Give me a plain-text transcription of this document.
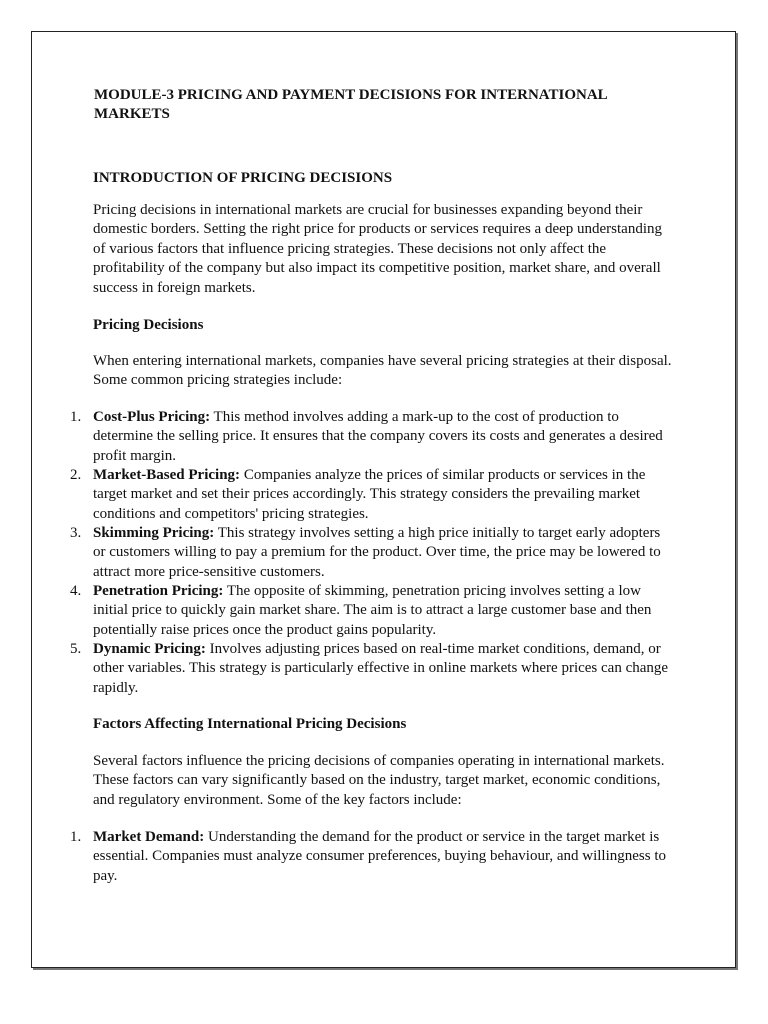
MODULE-3 PRICING AND PAYMENT DECISIONS FOR INTERNATIONAL MARKETS
INTRODUCTION OF PRICING DECISIONS

Pricing decisions in international markets are crucial for businesses expanding beyond their domestic borders. Setting the right price for products or services requires a deep understanding of various factors that influence pricing strategies. These decisions not only affect the profitability of the company but also impact its competitive position, market share, and overall success in foreign markets.

Pricing Decisions

When entering international markets, companies have several pricing strategies at their disposal. Some common pricing strategies include:

1. Cost-Plus Pricing: This method involves adding a mark-up to the cost of production to determine the selling price. It ensures that the company covers its costs and generates a desired profit margin.
2. Market-Based Pricing: Companies analyze the prices of similar products or services in the target market and set their prices accordingly. This strategy considers the prevailing market conditions and competitors' pricing strategies.
3. Skimming Pricing: This strategy involves setting a high price initially to target early adopters or customers willing to pay a premium for the product. Over time, the price may be lowered to attract more price-sensitive customers.
4. Penetration Pricing: The opposite of skimming, penetration pricing involves setting a low initial price to quickly gain market share. The aim is to attract a large customer base and then potentially raise prices once the product gains popularity.
5. Dynamic Pricing: Involves adjusting prices based on real-time market conditions, demand, or other variables. This strategy is particularly effective in online markets where prices can change rapidly.
Factors Affecting International Pricing Decisions

Several factors influence the pricing decisions of companies operating in international markets. These factors can vary significantly based on the industry, target market, economic conditions, and regulatory environment. Some of the key factors include:

1. Market Demand: Understanding the demand for the product or service in the target market is essential. Companies must analyze consumer preferences, buying behaviour, and willingness to pay.
